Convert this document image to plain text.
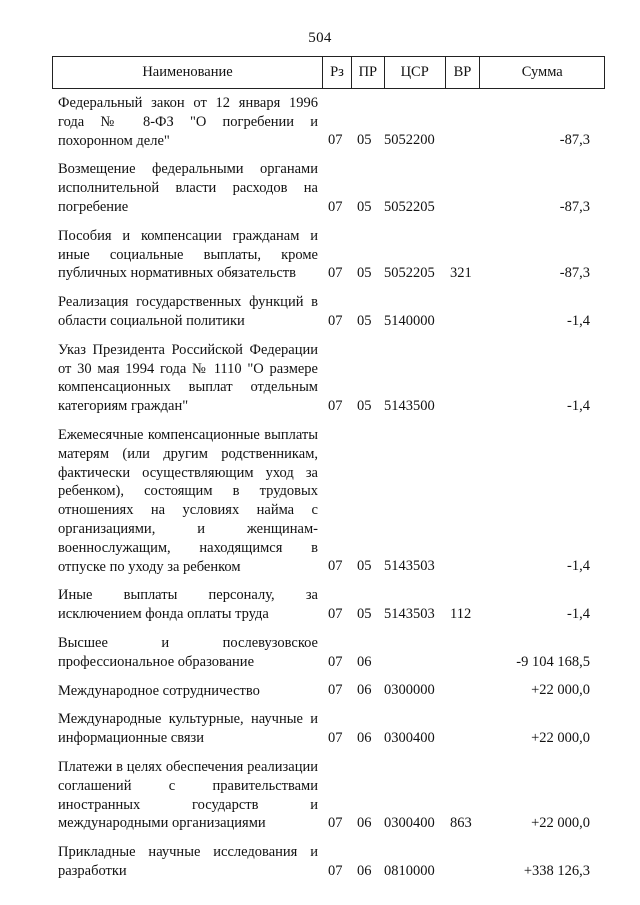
504
Наименование	Рз	ПР	ЦСР	ВР	Сумма
Федеральный закон от 12 января 1996 года № 8-ФЗ "О погребении и похоронном деле"	07 05 5052200	-87,3
Возмещение федеральными органами исполнительной власти расходов на погребение	07 05 5052205	-87,3
Пособия и компенсации гражданам и иные социальные выплаты, кроме публичных нормативных обязательств	07 05 5052205 321	-87,3
Реализация государственных функций в области социальной политики	07 05 5140000	-1,4
Указ Президента Российской Федерации от 30 мая 1994 года № 1110 "О размере компенсационных выплат отдельным категориям граждан"	07 05 5143500	-1,4
Ежемесячные компенсационные выплаты матерям (или другим родственникам, фактически осуществляющим уход за ребенком), состоящим в трудовых отношениях на условиях найма с организациями, и женщинам-военнослужащим, находящимся в отпуске по уходу за ребенком	07 05 5143503	-1,4
Иные выплаты персоналу, за исключением фонда оплаты труда	07 05 5143503 112	-1,4
Высшее и послевузовское профессиональное образование	07 06	-9 104 168,5
Международное сотрудничество	07 06 0300000	+22 000,0
Международные культурные, научные и информационные связи	07 06 0300400	+22 000,0
Платежи в целях обеспечения реализации соглашений с правительствами иностранных государств и международными организациями	07 06 0300400 863	+22 000,0
Прикладные научные исследования и разработки	07 06 0810000	+338 126,3
